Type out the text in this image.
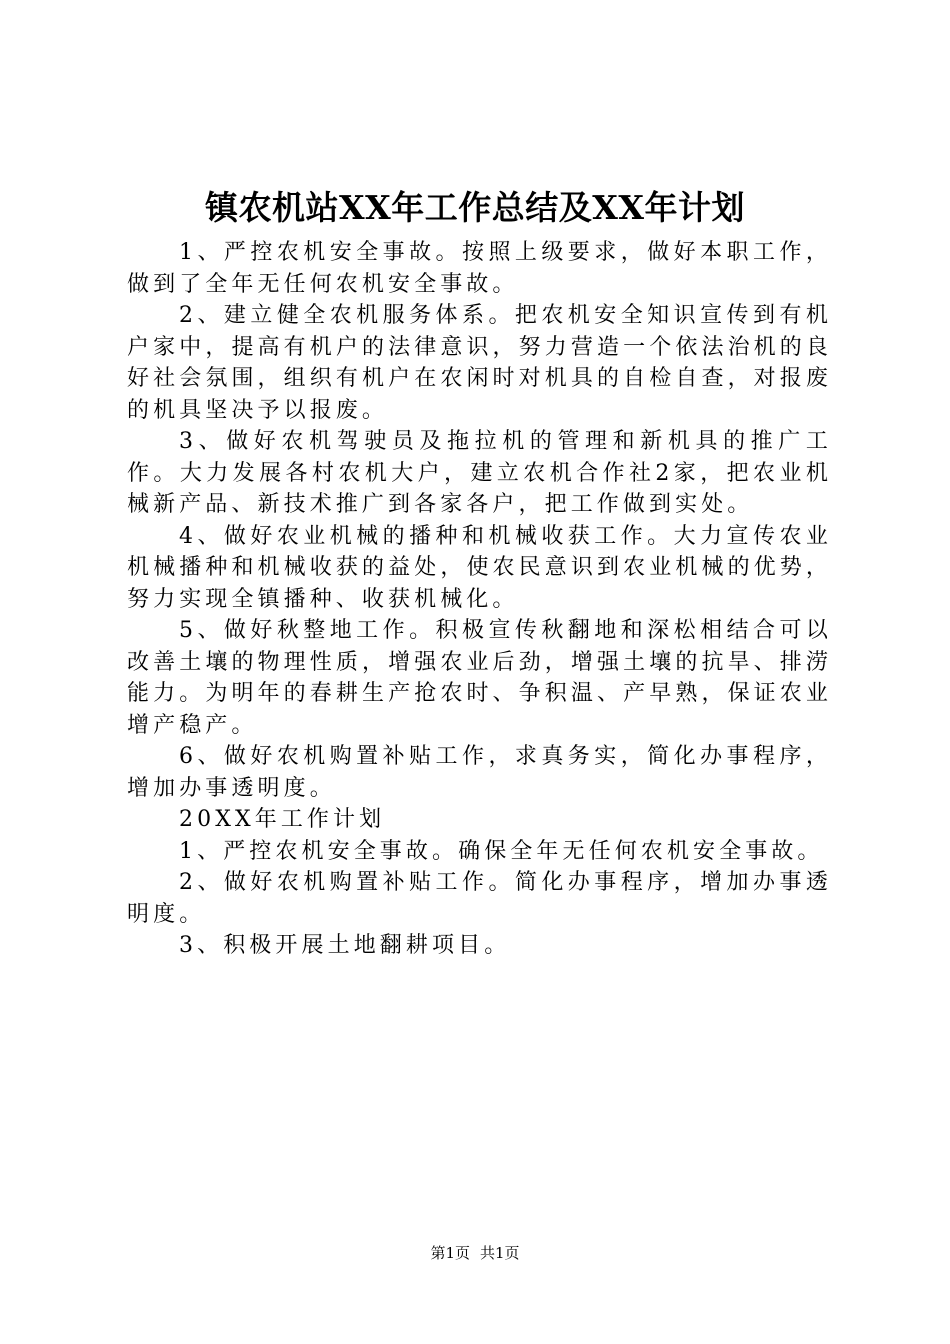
镇农机站XX年工作总结及XX年计划

1、严控农机安全事故。按照上级要求，做好本职工作，做到了全年无任何农机安全事故。

2、建立健全农机服务体系。把农机安全知识宣传到有机户家中，提高有机户的法律意识，努力营造一个依法治机的良好社会氛围，组织有机户在农闲时对机具的自检自查，对报废的机具坚决予以报废。

3、做好农机驾驶员及拖拉机的管理和新机具的推广工作。大力发展各村农机大户，建立农机合作社2家，把农业机械新产品、新技术推广到各家各户，把工作做到实处。

4、做好农业机械的播种和机械收获工作。大力宣传农业机械播种和机械收获的益处，使农民意识到农业机械的优势，努力实现全镇播种、收获机械化。

5、做好秋整地工作。积极宣传秋翻地和深松相结合可以改善土壤的物理性质，增强农业后劲，增强土壤的抗旱、排涝能力。为明年的春耕生产抢农时、争积温、产早熟，保证农业增产稳产。

6、做好农机购置补贴工作，求真务实，简化办事程序，增加办事透明度。

20XX年工作计划

1、严控农机安全事故。确保全年无任何农机安全事故。

2、做好农机购置补贴工作。简化办事程序，增加办事透明度。

3、积极开展土地翻耕项目。

第1页 共1页
